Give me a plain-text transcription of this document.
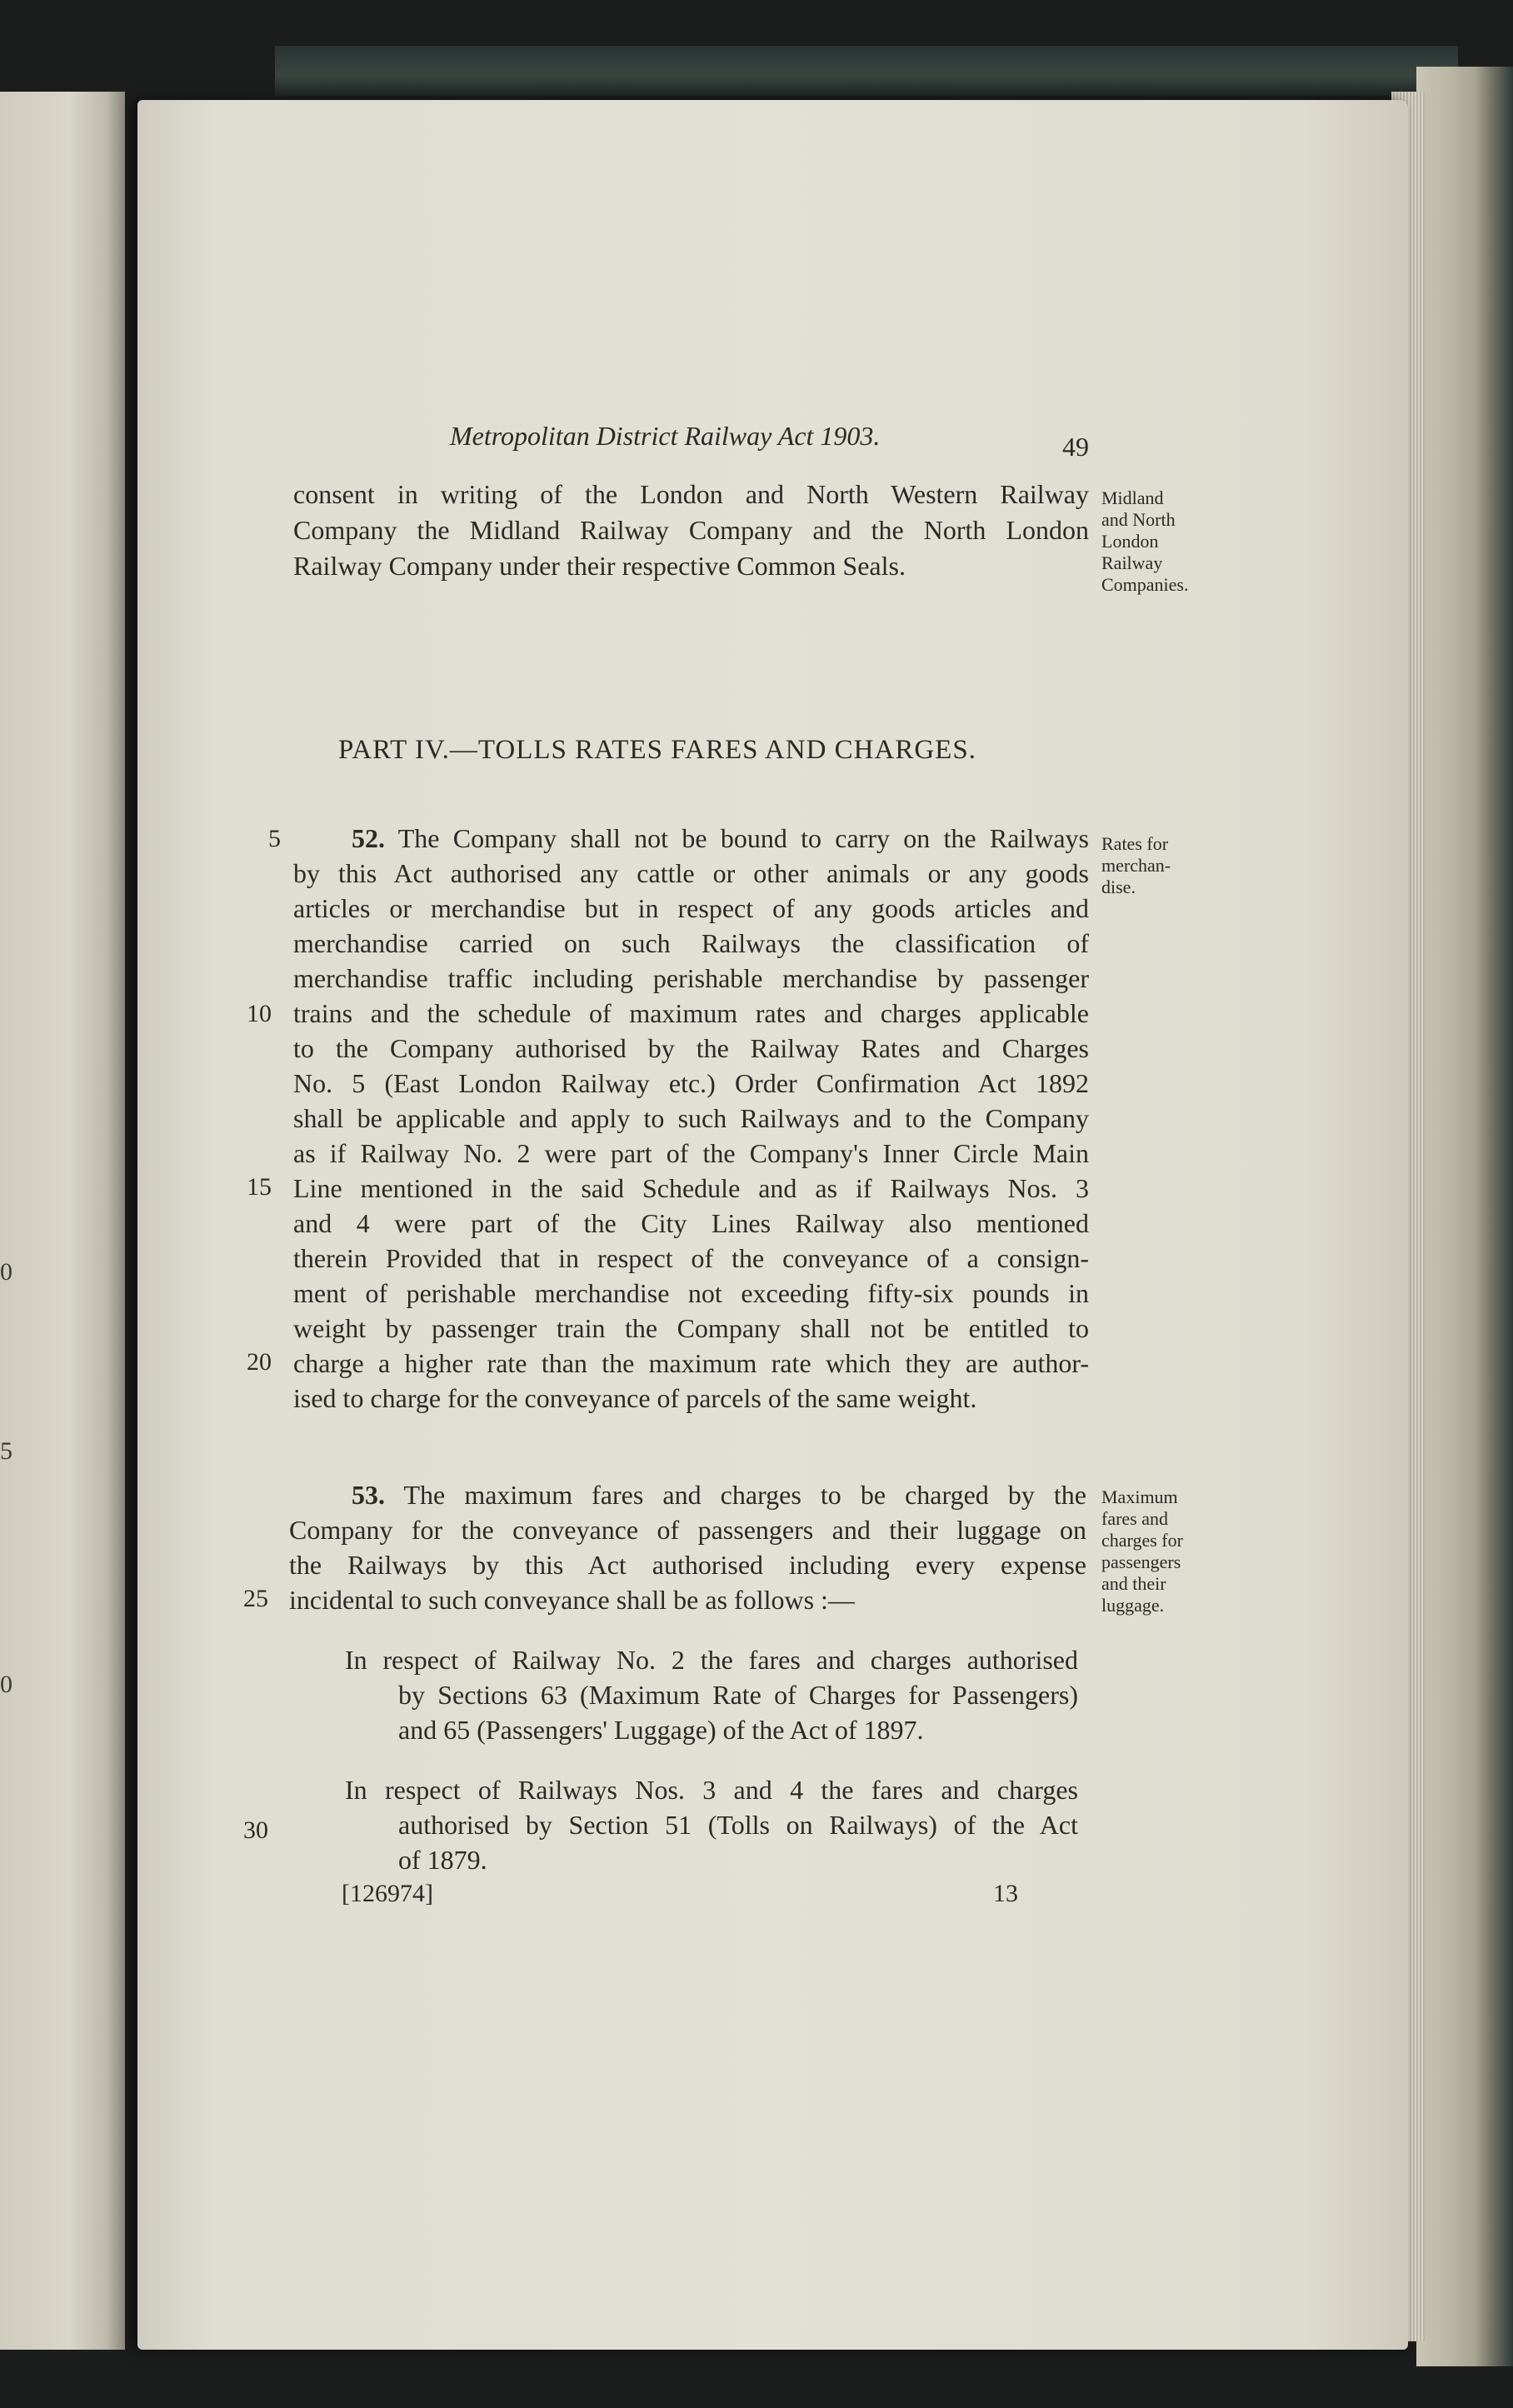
0
5
0
Metropolitan District Railway Act 1903.	49
consent in writing of the London and North Western Railway
Company the Midland Railway Company and the North London
Railway Company under their respective Common Seals.
Midland
and North
London
Railway
Companies.
PART IV.—TOLLS RATES FARES AND CHARGES.
5
10
15
20
25
30
52. The Company shall not be bound to carry on the Railways
by this Act authorised any cattle or other animals or any goods
articles or merchandise but in respect of any goods articles and
merchandise carried on such Railways the classification of
merchandise traffic including perishable merchandise by passenger
trains and the schedule of maximum rates and charges applicable
to the Company authorised by the Railway Rates and Charges
No. 5 (East London Railway etc.) Order Confirmation Act 1892
shall be applicable and apply to such Railways and to the Company
as if Railway No. 2 were part of the Company's Inner Circle Main
Line mentioned in the said Schedule and as if Railways Nos. 3
and 4 were part of the City Lines Railway also mentioned
therein Provided that in respect of the conveyance of a consign-
ment of perishable merchandise not exceeding fifty-six pounds in
weight by passenger train the Company shall not be entitled to
charge a higher rate than the maximum rate which they are author-
ised to charge for the conveyance of parcels of the same weight.
Rates for
merchan-
dise.
53. The maximum fares and charges to be charged by the
Company for the conveyance of passengers and their luggage on
the Railways by this Act authorised including every expense
incidental to such conveyance shall be as follows :—
Maximum
fares and
charges for
passengers
and their
luggage.
In respect of Railway No. 2 the fares and charges authorised
by Sections 63 (Maximum Rate of Charges for Passengers)
and 65 (Passengers' Luggage) of the Act of 1897.
In respect of Railways Nos. 3 and 4 the fares and charges
authorised by Section 51 (Tolls on Railways) of the Act
of 1879.
[126974]	13
